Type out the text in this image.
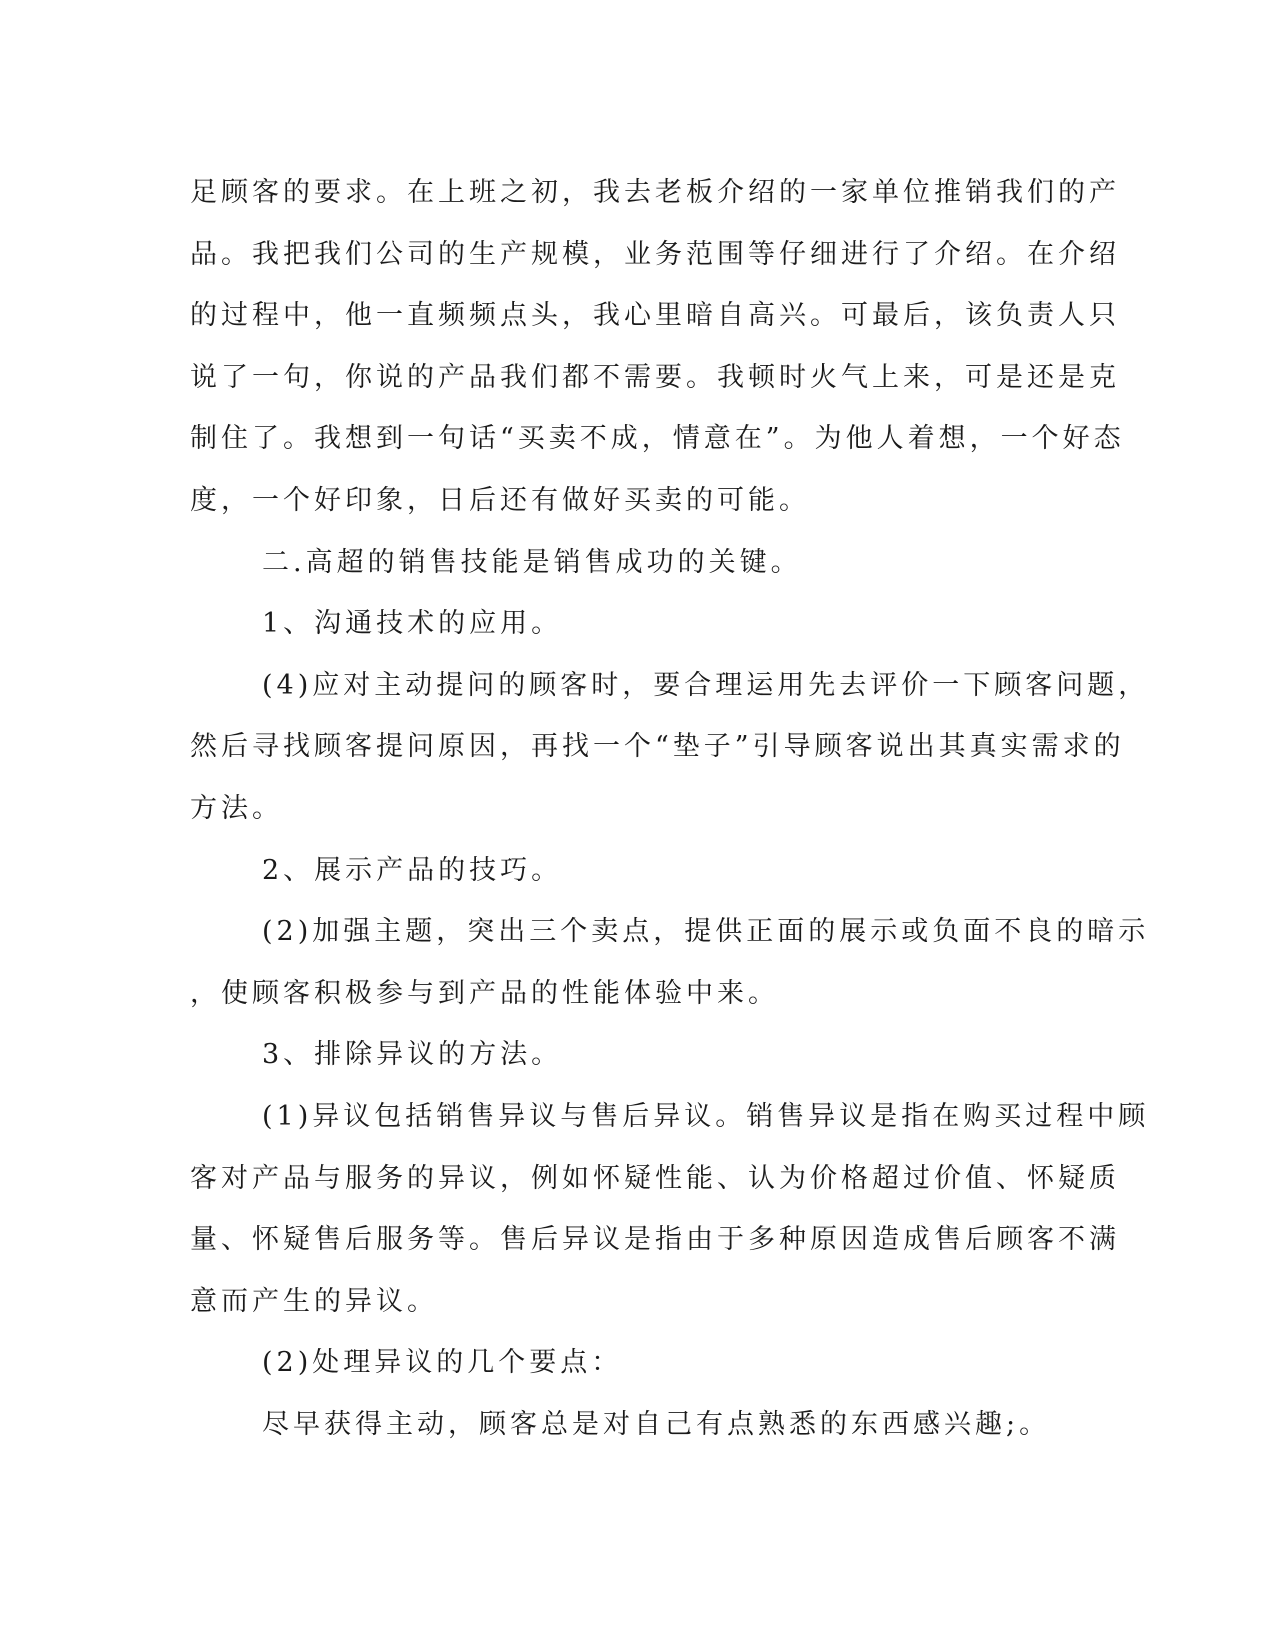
足顾客的要求。在上班之初，我去老板介绍的一家单位推销我们的产
品。我把我们公司的生产规模，业务范围等仔细进行了介绍。在介绍
的过程中，他一直频频点头，我心里暗自高兴。可最后，该负责人只
说了一句，你说的产品我们都不需要。我顿时火气上来，可是还是克
制住了。我想到一句话“买卖不成，情意在”。为他人着想，一个好态
度，一个好印象，日后还有做好买卖的可能。
二.高超的销售技能是销售成功的关键。
1、沟通技术的应用。
(4)应对主动提问的顾客时，要合理运用先去评价一下顾客问题，
然后寻找顾客提问原因，再找一个“垫子”引导顾客说出其真实需求的
方法。
2、展示产品的技巧。
(2)加强主题，突出三个卖点，提供正面的展示或负面不良的暗示
，使顾客积极参与到产品的性能体验中来。
3、排除异议的方法。
(1)异议包括销售异议与售后异议。销售异议是指在购买过程中顾
客对产品与服务的异议，例如怀疑性能、认为价格超过价值、怀疑质
量、怀疑售后服务等。售后异议是指由于多种原因造成售后顾客不满
意而产生的异议。
(2)处理异议的几个要点：
尽早获得主动，顾客总是对自己有点熟悉的东西感兴趣;。
